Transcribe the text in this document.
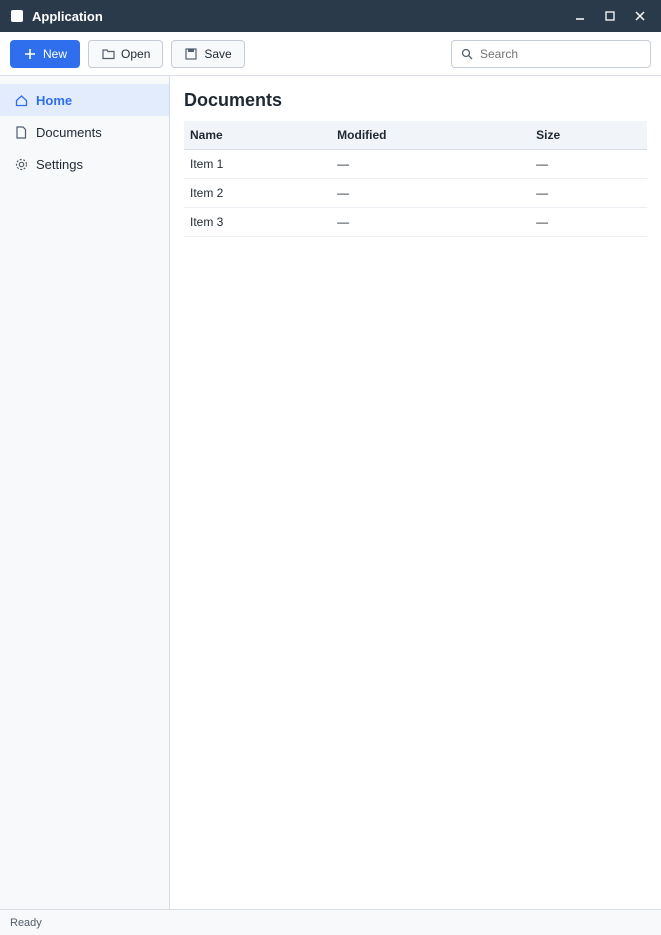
Application
New	Open	Save
Search
Home
Documents
Settings
Documents
Name	Modified	Size
Item 1	—	—
Item 2	—	—
Item 3	—	—
Ready
